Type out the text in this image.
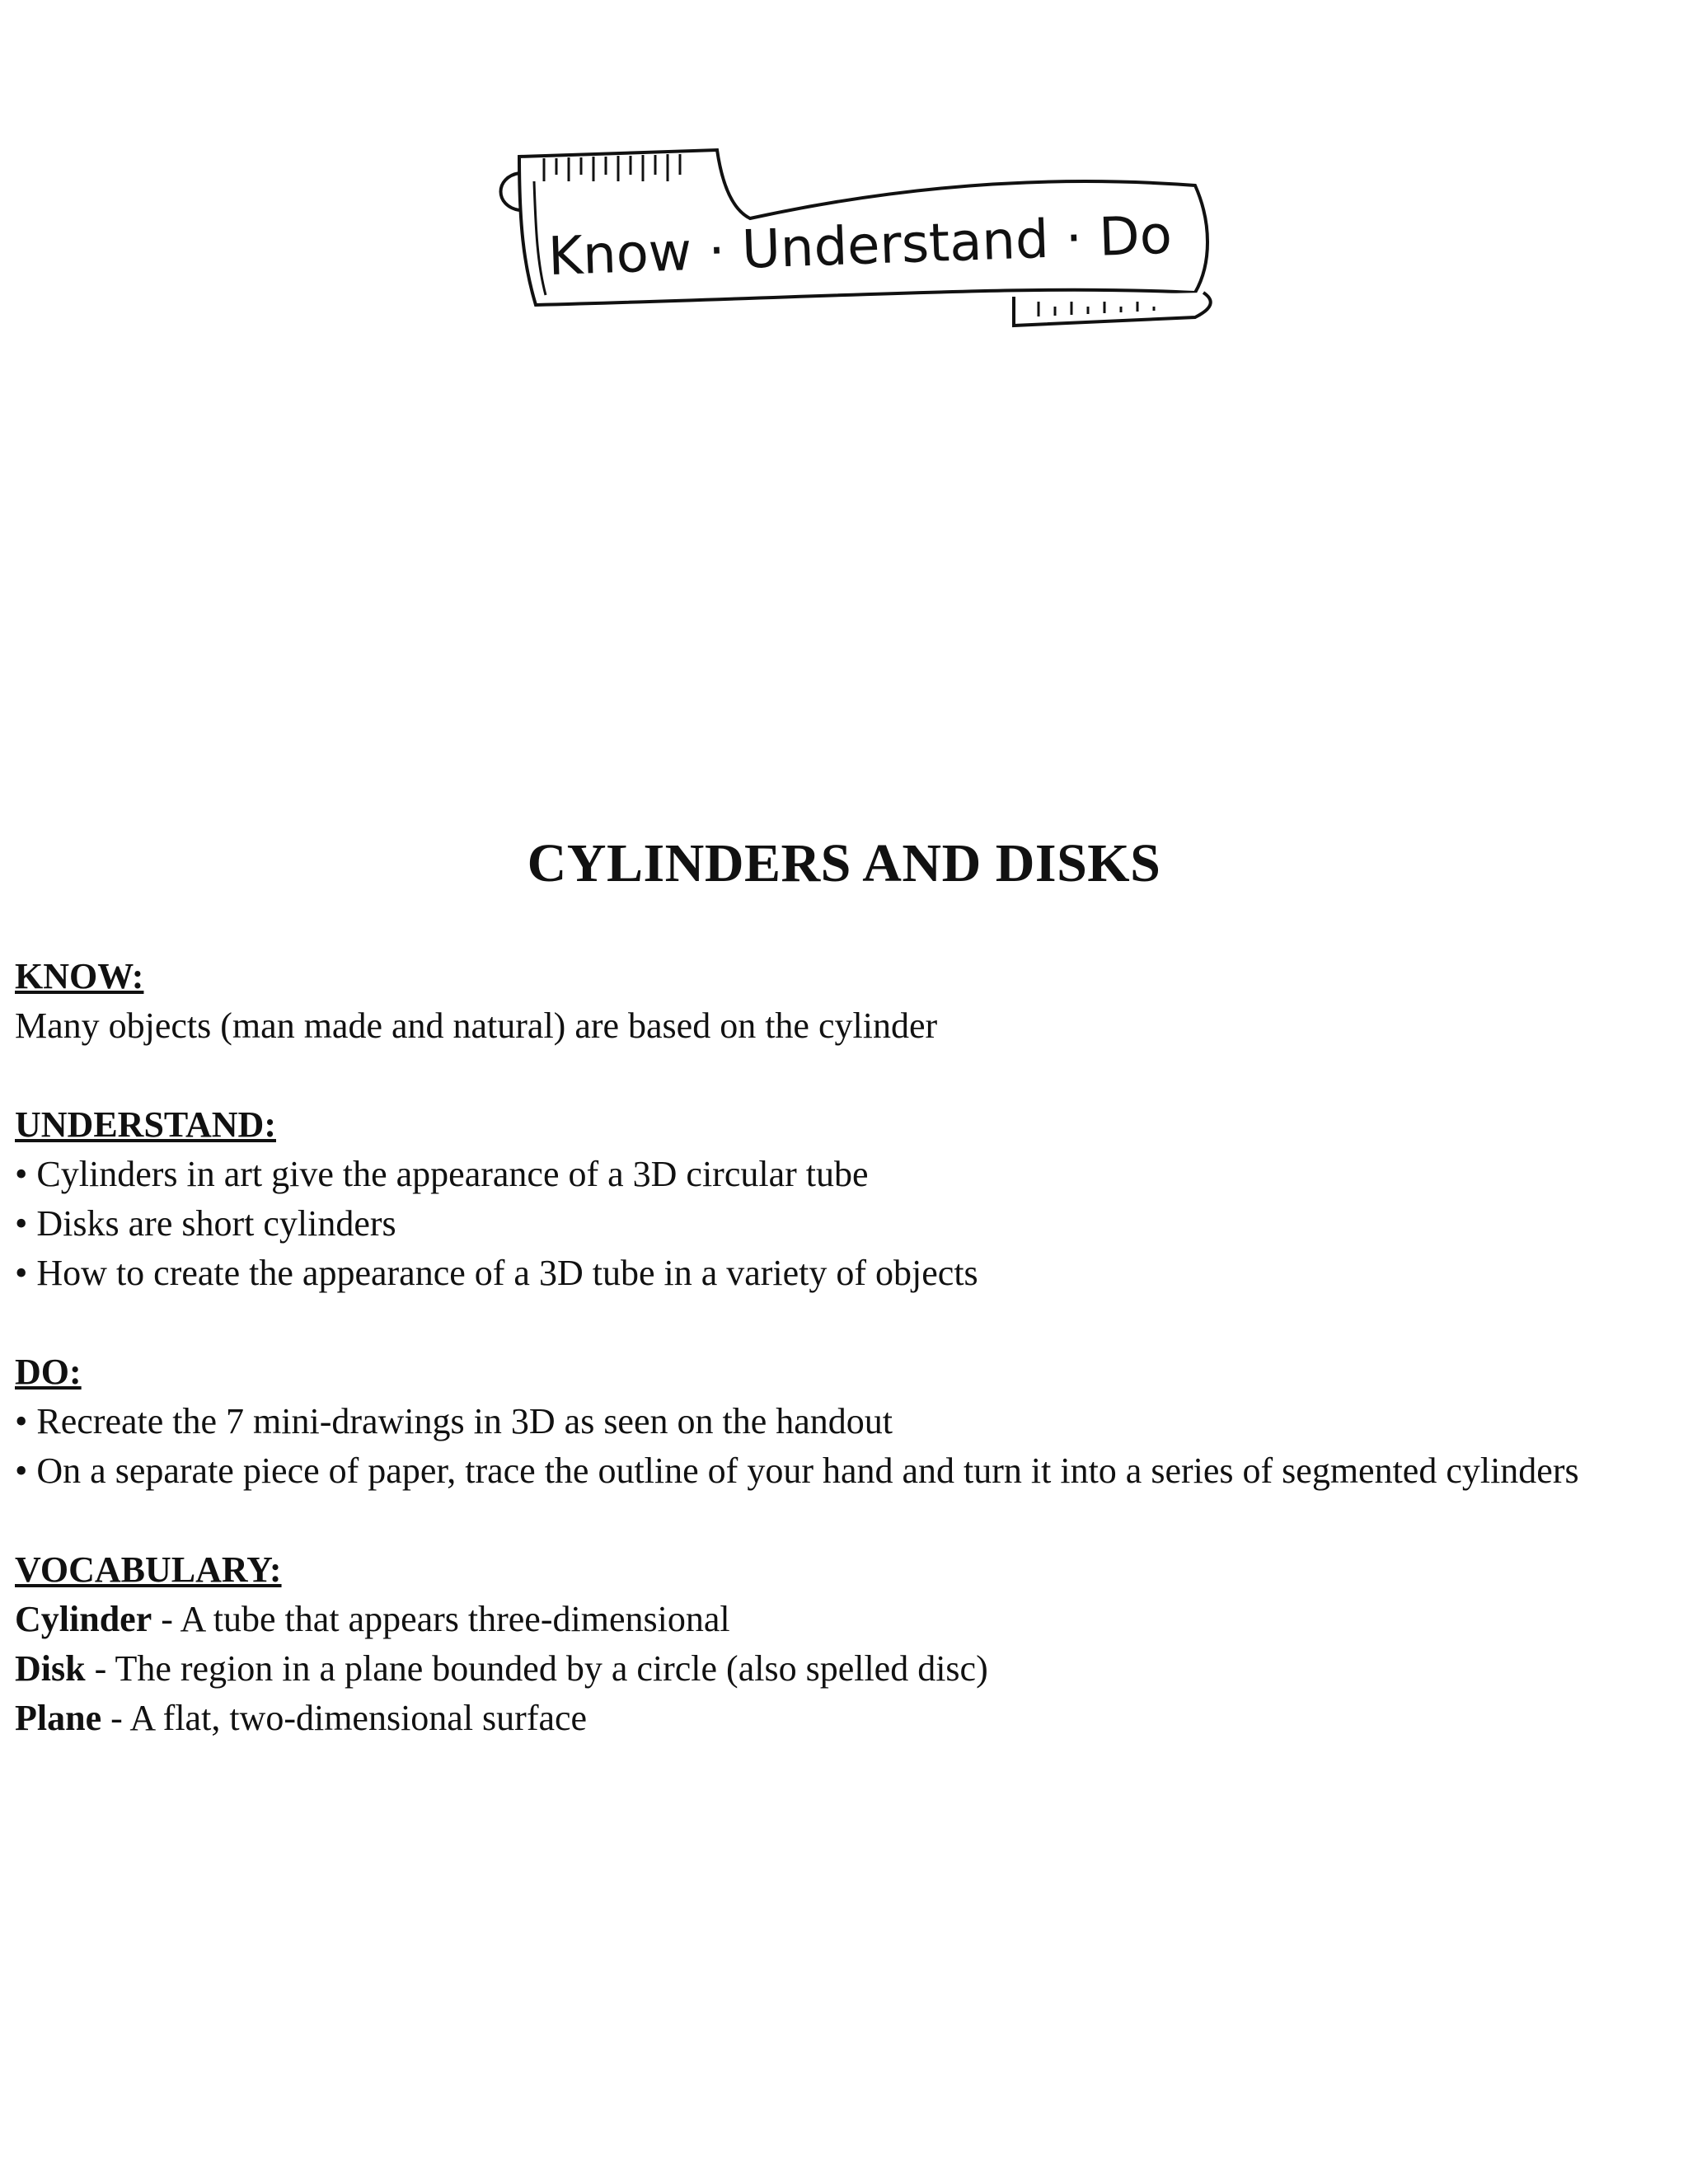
Know · Understand · Do
CYLINDERS AND DISKS

KNOW:

Many objects (man made and natural) are based on the cylinder

UNDERSTAND:

• Cylinders in art give the appearance of a 3D circular tube

• Disks are short cylinders

• How to create the appearance of a 3D tube in a variety of objects

DO:

• Recreate the 7 mini-drawings in 3D as seen on the handout

• On a separate piece of paper, trace the outline of your hand and turn it into a series of segmented cylinders

VOCABULARY:

Cylinder - A tube that appears three-dimensional

Disk - The region in a plane bounded by a circle (also spelled disc)

Plane - A flat, two-dimensional surface
